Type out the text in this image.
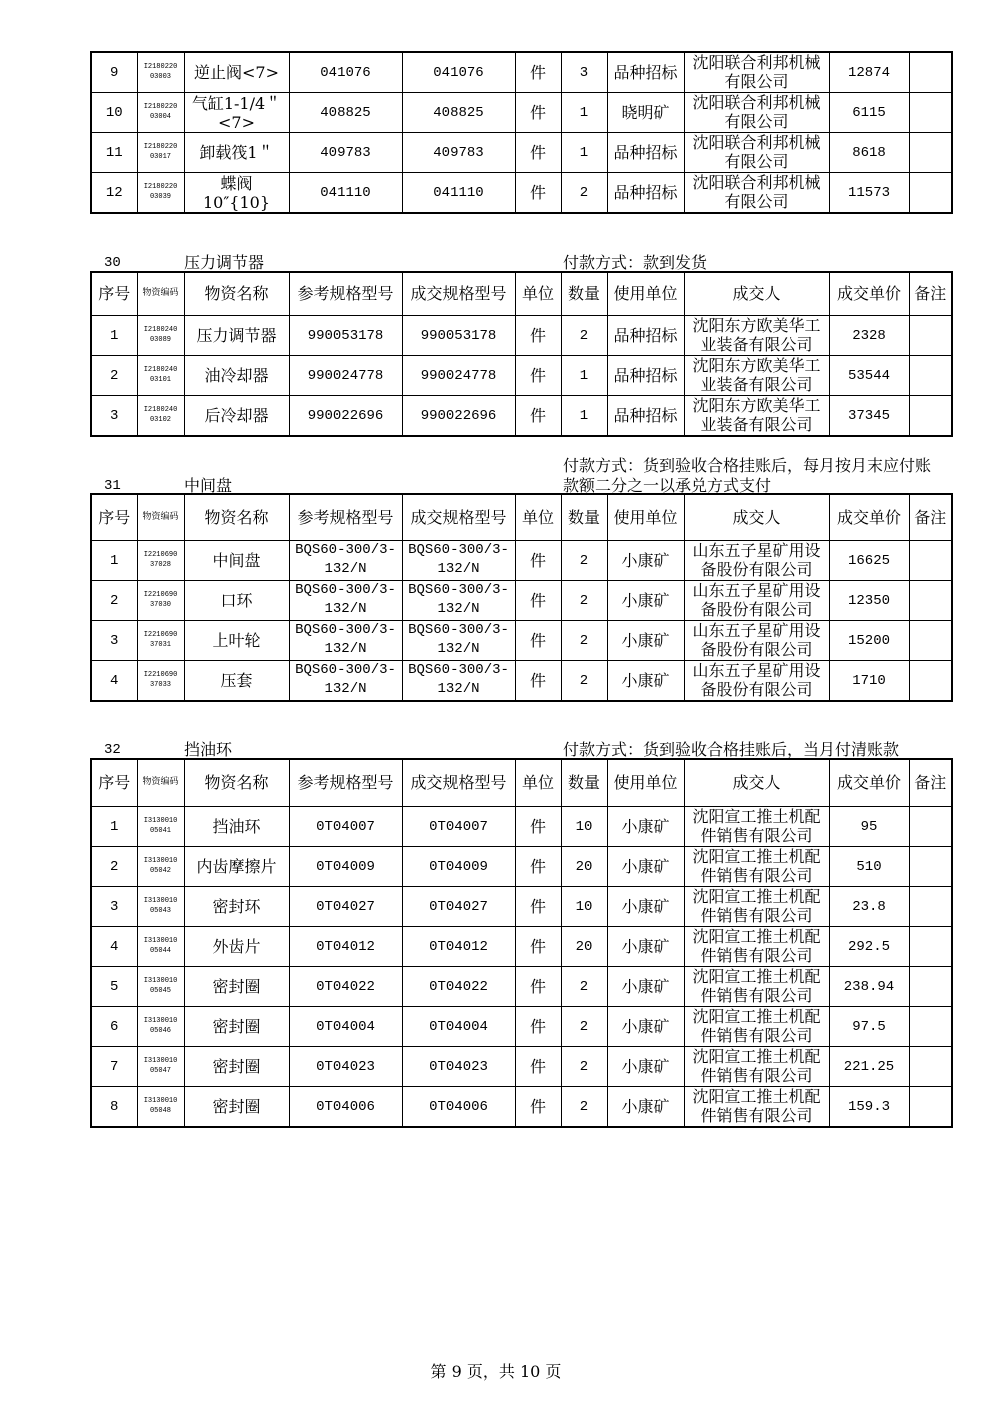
9	I218022003003	逆止阀<7>	041076	041076	件	3	品种招标	沈阳联合利邦机械有限公司	12874	
10	I218022003004	气缸1-1/4＂<7>	408825	408825	件	1	晓明矿	沈阳联合利邦机械有限公司	6115	
11	I218022003017	卸载筏1＂	409783	409783	件	1	品种招标	沈阳联合利邦机械有限公司	8618	
12	I218022003039	蝶阀10″{10}	041110	041110	件	2	品种招标	沈阳联合利邦机械有限公司	11573	
30	压力调节器	付款方式：款到发货
序号	物资编码	物资名称	参考规格型号	成交规格型号	单位	数量	使用单位	成交人	成交单价	备注
1	I218024003089	压力调节器	990053178	990053178	件	2	品种招标	沈阳东方欧美华工业装备有限公司	2328	
2	I218024003101	油冷却器	990024778	990024778	件	1	品种招标	沈阳东方欧美华工业装备有限公司	53544	
3	I218024003102	后冷却器	990022696	990022696	件	1	品种招标	沈阳东方欧美华工业装备有限公司	37345	
31	中间盘
付款方式：货到验收合格挂账后，每月按月末应付账款额二分之一以承兑方式支付
序号	物资编码	物资名称	参考规格型号	成交规格型号	单位	数量	使用单位	成交人	成交单价	备注
1	I221069037028	中间盘	BQS60-300/3-132/N	BQS60-300/3-132/N	件	2	小康矿	山东五子星矿用设备股份有限公司	16625	
2	I221069037030	口环	BQS60-300/3-132/N	BQS60-300/3-132/N	件	2	小康矿	山东五子星矿用设备股份有限公司	12350	
3	I221069037031	上叶轮	BQS60-300/3-132/N	BQS60-300/3-132/N	件	2	小康矿	山东五子星矿用设备股份有限公司	15200	
4	I221069037033	压套	BQS60-300/3-132/N	BQS60-300/3-132/N	件	2	小康矿	山东五子星矿用设备股份有限公司	1710	
32	挡油环	付款方式：货到验收合格挂账后，当月付清账款
序号	物资编码	物资名称	参考规格型号	成交规格型号	单位	数量	使用单位	成交人	成交单价	备注
1	I313001005041	挡油环	0T04007	0T04007	件	10	小康矿	沈阳宣工推土机配件销售有限公司	95	
2	I313001005042	内齿摩擦片	0T04009	0T04009	件	20	小康矿	沈阳宣工推土机配件销售有限公司	510	
3	I313001005043	密封环	0T04027	0T04027	件	10	小康矿	沈阳宣工推土机配件销售有限公司	23.8	
4	I313001005044	外齿片	0T04012	0T04012	件	20	小康矿	沈阳宣工推土机配件销售有限公司	292.5	
5	I313001005045	密封圈	0T04022	0T04022	件	2	小康矿	沈阳宣工推土机配件销售有限公司	238.94	
6	I313001005046	密封圈	0T04004	0T04004	件	2	小康矿	沈阳宣工推土机配件销售有限公司	97.5	
7	I313001005047	密封圈	0T04023	0T04023	件	2	小康矿	沈阳宣工推土机配件销售有限公司	221.25	
8	I313001005048	密封圈	0T04006	0T04006	件	2	小康矿	沈阳宣工推土机配件销售有限公司	159.3	
第 9 页，共 10 页
